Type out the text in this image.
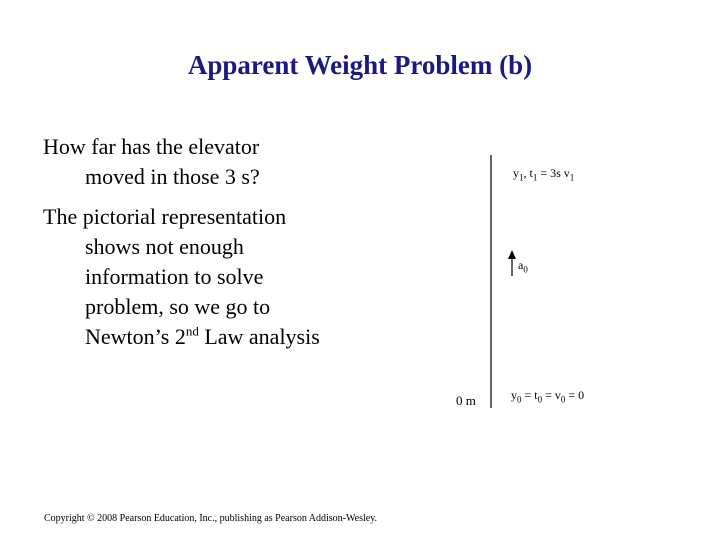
Apparent Weight Problem (b)
How far has the elevator
moved in those 3 s?
The pictorial representation
shows not enough
information to solve
problem, so we go to
Newton’s 2nd Law analysis
$y_1$, $t_1 = 3s$ $v_1$
$a_0$
$y_0 = t_0 = v_0 = 0$
0 m
Copyright © 2008 Pearson Education, Inc., publishing as Pearson Addison-Wesley.
